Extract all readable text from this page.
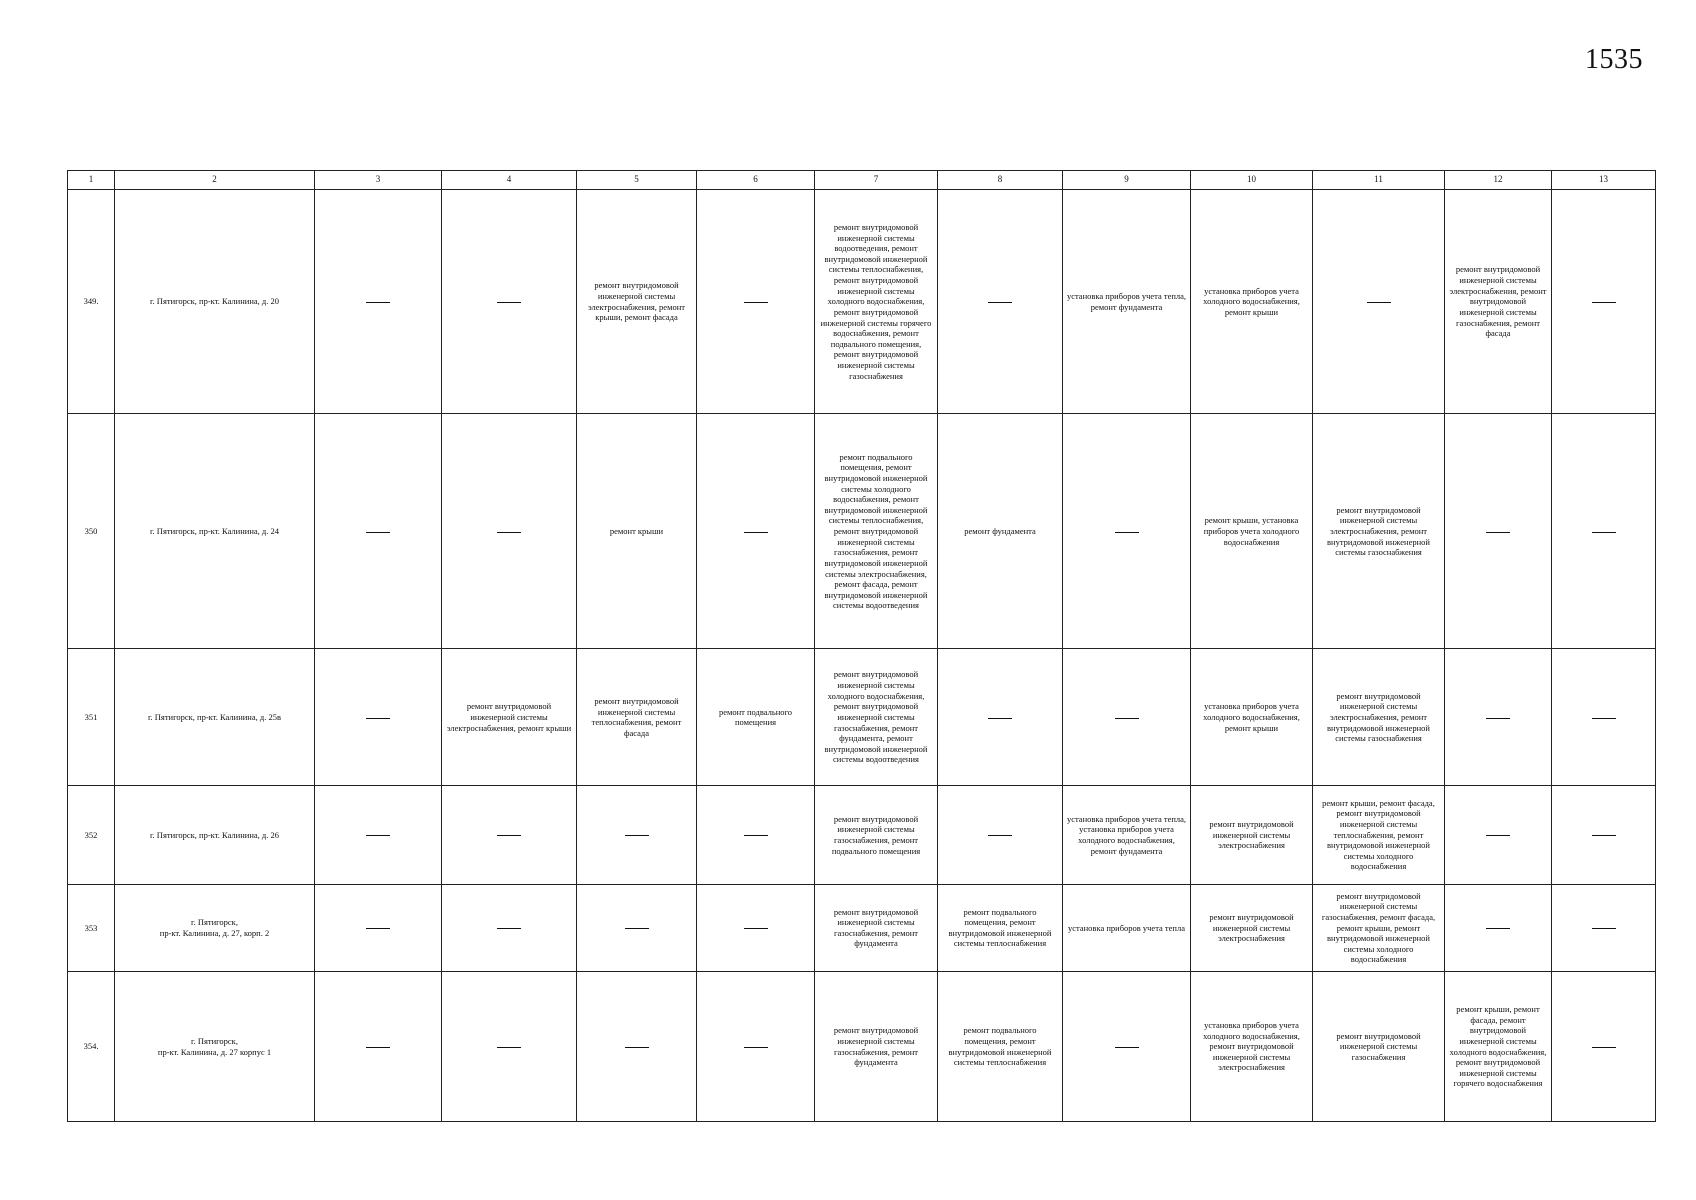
1535
1	2	3	4	5	6	7	8	9	10	11	12	13
349.	г. Пятигорск, пр-кт. Калинина, д. 20			ремонт внутридомовой инженерной системы электроснабжения, ремонт крыши, ремонт фасада		ремонт внутридомовой инженерной системы водоотведения, ремонт внутридомовой инженерной системы теплоснабжения, ремонт внутридомовой инженерной системы холодного водоснабжения, ремонт внутридомовой инженерной системы горячего водоснабжения, ремонт подвального помещения, ремонт внутридомовой инженерной системы газоснабжения		установка приборов учета тепла, ремонт фундамента	установка приборов учета холодного водоснабжения, ремонт крыши		ремонт внутридомовой инженерной системы электроснабжения, ремонт внутридомовой инженерной системы газоснабжения, ремонт фасада	
350	г. Пятигорск, пр-кт. Калинина, д. 24			ремонт крыши		ремонт подвального помещения, ремонт внутридомовой инженерной системы холодного водоснабжения, ремонт внутридомовой инженерной системы теплоснабжения, ремонт внутридомовой инженерной системы газоснабжения, ремонт внутридомовой инженерной системы электроснабжения, ремонт фасада, ремонт внутридомовой инженерной системы водоотведения	ремонт фундамента		ремонт крыши, установка приборов учета холодного водоснабжения	ремонт внутридомовой инженерной системы электроснабжения, ремонт внутридомовой инженерной системы газоснабжения		
351	г. Пятигорск, пр-кт. Калинина, д. 25в		ремонт внутридомовой инженерной системы электроснабжения, ремонт крыши	ремонт внутридомовой инженерной системы теплоснабжения, ремонт фасада	ремонт подвального помещения	ремонт внутридомовой инженерной системы холодного водоснабжения, ремонт внутридомовой инженерной системы газоснабжения, ремонт фундамента, ремонт внутридомовой инженерной системы водоотведения			установка приборов учета холодного водоснабжения, ремонт крыши	ремонт внутридомовой инженерной системы электроснабжения, ремонт внутридомовой инженерной системы газоснабжения		
352	г. Пятигорск, пр-кт. Калинина, д. 26					ремонт внутридомовой инженерной системы газоснабжения, ремонт подвального помещения		установка приборов учета тепла, установка приборов учета холодного водоснабжения, ремонт фундамента	ремонт внутридомовой инженерной системы электроснабжения	ремонт крыши, ремонт фасада, ремонт внутридомовой инженерной системы теплоснабжения, ремонт внутридомовой инженерной системы холодного водоснабжения		
353	г. Пятигорск,
пр-кт. Калинина, д. 27, корп. 2					ремонт внутридомовой инженерной системы газоснабжения, ремонт фундамента	ремонт подвального помещения, ремонт внутридомовой инженерной системы теплоснабжения	установка приборов учета тепла	ремонт внутридомовой инженерной системы электроснабжения	ремонт внутридомовой инженерной системы газоснабжения, ремонт фасада, ремонт крыши, ремонт внутридомовой инженерной системы холодного водоснабжения		
354.	г. Пятигорск,
пр-кт. Калинина, д. 27 корпус 1					ремонт внутридомовой инженерной системы газоснабжения, ремонт фундамента	ремонт подвального помещения, ремонт внутридомовой инженерной системы теплоснабжения		установка приборов учета холодного водоснабжения, ремонт внутридомовой инженерной системы электроснабжения	ремонт внутридомовой инженерной системы газоснабжения	ремонт крыши, ремонт фасада, ремонт внутридомовой инженерной системы холодного водоснабжения, ремонт внутридомовой инженерной системы горячего водоснабжения	
